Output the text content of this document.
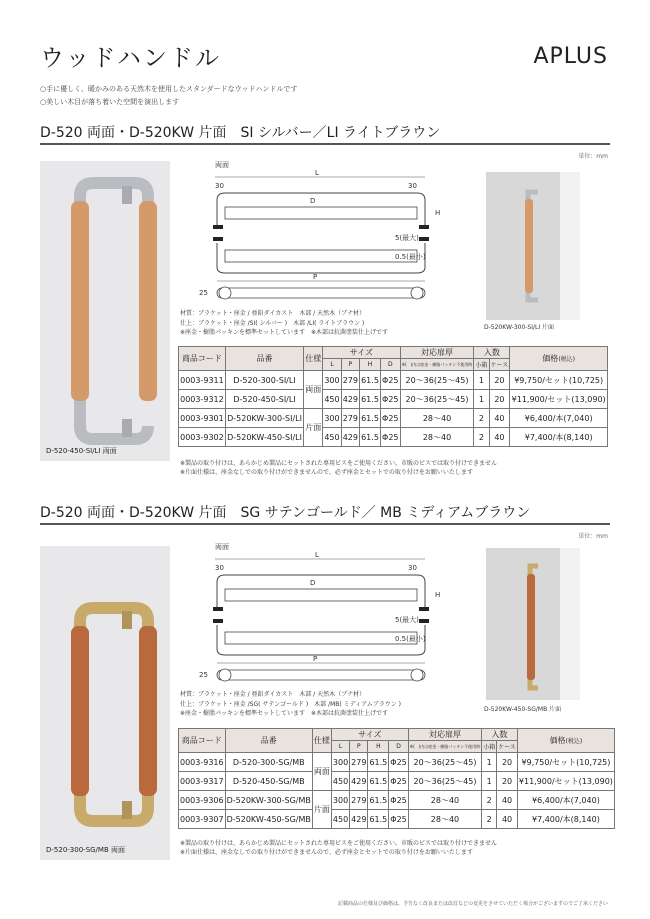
ウッドハンドル	APLUS
○手に優しく、暖かみのある天然木を使用したスタンダードなウッドハンドルです
○美しい木目が落ち着いた空間を演出します
D-520 両面・D-520KW 片面　SI シルバー／LI ライトブラウン
単位：mm
D-520-450-SI/LI 両面
両面
L
30	30
D
H
5(最大)
0.5(最小)
P
25
D-520KW-300-SI/LI 片面
材質：ブラケット・座金 / 亜鉛ダイカスト　木部 / 天然木（ブナ材）
仕上：ブラケット・座金 /SI( シルバー )　木部 /LI( ライトブラウン )
※座金・樹脂パッキンを標準セットしています　※木部は抗菌塗装仕上げです
商品コード	品番	仕様	サイズ				対応扉厚	入数		価格(税込)
			L	P	H	D	※(　)内は座金・樹脂パッキン不使用時	小箱	ケース	
0003-9311	D-520-300-SI/LI	両面	300	279	61.5	Φ25	20～36(25～45)	1	20	¥9,750/セット(10,725)
0003-9312	D-520-450-SI/LI		450	429	61.5	Φ25	20～36(25～45)	1	20	¥11,900/セット(13,090)
0003-9301	D-520KW-300-SI/LI	片面	300	279	61.5	Φ25	28～40	2	40	¥6,400/本(7,040)
0003-9302	D-520KW-450-SI/LI		450	429	61.5	Φ25	28～40	2	40	¥7,400/本(8,140)
※製品の取り付けは、あらかじめ製品にセットされた専用ビスをご使用ください。市販のビスでは取り付けできません
※片面仕様は、座金なしでの取り付けができませんので、必ず座金とセットでの取り付けをお願いいたします
D-520 両面・D-520KW 片面　SG サテンゴールド／ MB ミディアムブラウン
単位：mm
D-520-300-SG/MB 両面
両面
L
30	30
D
H
5(最大)
0.5(最小)
P
25
D-520KW-450-SG/MB 片面
材質：ブラケット・座金 / 亜鉛ダイカスト　木部 / 天然木（ブナ材）
仕上：ブラケット・座金 /SG( サテンゴールド )　木部 /MB( ミディアムブラウン )
※座金・樹脂パッキンを標準セットしています　※木部は抗菌塗装仕上げです
商品コード	品番	仕様	サイズ				対応扉厚	入数		価格(税込)
			L	P	H	D	※(　)内は座金・樹脂パッキン不使用時	小箱	ケース	
0003-9316	D-520-300-SG/MB	両面	300	279	61.5	Φ25	20～36(25～45)	1	20	¥9,750/セット(10,725)
0003-9317	D-520-450-SG/MB		450	429	61.5	Φ25	20～36(25～45)	1	20	¥11,900/セット(13,090)
0003-9306	D-520KW-300-SG/MB	片面	300	279	61.5	Φ25	28～40	2	40	¥6,400/本(7,040)
0003-9307	D-520KW-450-SG/MB		450	429	61.5	Φ25	28～40	2	40	¥7,400/本(8,140)
※製品の取り付けは、あらかじめ製品にセットされた専用ビスをご使用ください。市販のビスでは取り付けできません
※片面仕様は、座金なしでの取り付けができませんので、必ず座金とセットでの取り付けをお願いいたします
記載商品の仕様及び価格は、予告なく改良または改訂などの変更をさせていただく場合がございますのでご了承ください
